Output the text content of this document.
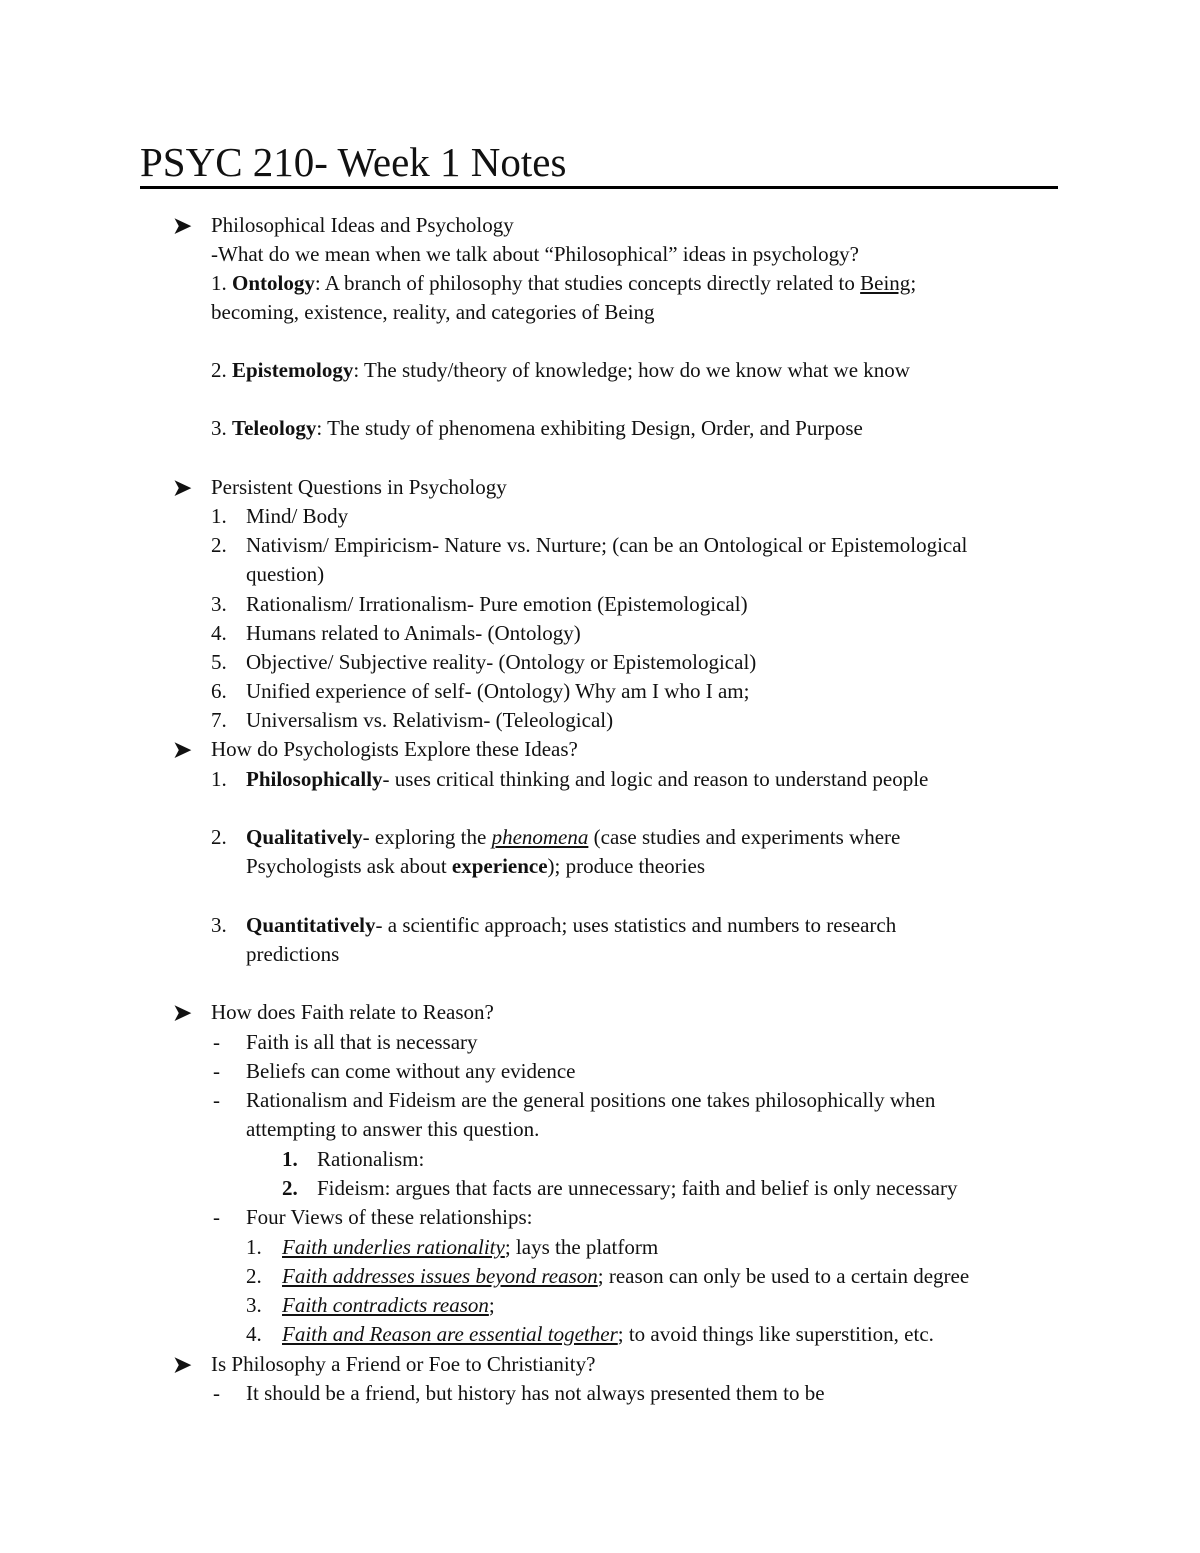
PSYC 210- Week 1 Notes
➤ Philosophical Ideas and Psychology
-What do we mean when we talk about “Philosophical” ideas in psychology?
1. Ontology: A branch of philosophy that studies concepts directly related to Being;
becoming, existence, reality, and categories of Being
2. Epistemology: The study/theory of knowledge; how do we know what we know
3. Teleology: The study of phenomena exhibiting Design, Order, and Purpose
➤ Persistent Questions in Psychology
1. Mind/ Body
2. Nativism/ Empiricism- Nature vs. Nurture; (can be an Ontological or Epistemological
question)
3. Rationalism/ Irrationalism- Pure emotion (Epistemological)
4. Humans related to Animals- (Ontology)
5. Objective/ Subjective reality- (Ontology or Epistemological)
6. Unified experience of self- (Ontology) Why am I who I am;
7. Universalism vs. Relativism- (Teleological)
➤ How do Psychologists Explore these Ideas?
1. Philosophically- uses critical thinking and logic and reason to understand people
2. Qualitatively- exploring the phenomena (case studies and experiments where
Psychologists ask about experience); produce theories
3. Quantitatively- a scientific approach; uses statistics and numbers to research
predictions
➤ How does Faith relate to Reason?
- Faith is all that is necessary
- Beliefs can come without any evidence
- Rationalism and Fideism are the general positions one takes philosophically when
attempting to answer this question.
1. Rationalism:
2. Fideism: argues that facts are unnecessary; faith and belief is only necessary
- Four Views of these relationships:
1. Faith underlies rationality; lays the platform
2. Faith addresses issues beyond reason; reason can only be used to a certain degree
3. Faith contradicts reason;
4. Faith and Reason are essential together; to avoid things like superstition, etc.
➤ Is Philosophy a Friend or Foe to Christianity?
- It should be a friend, but history has not always presented them to be
